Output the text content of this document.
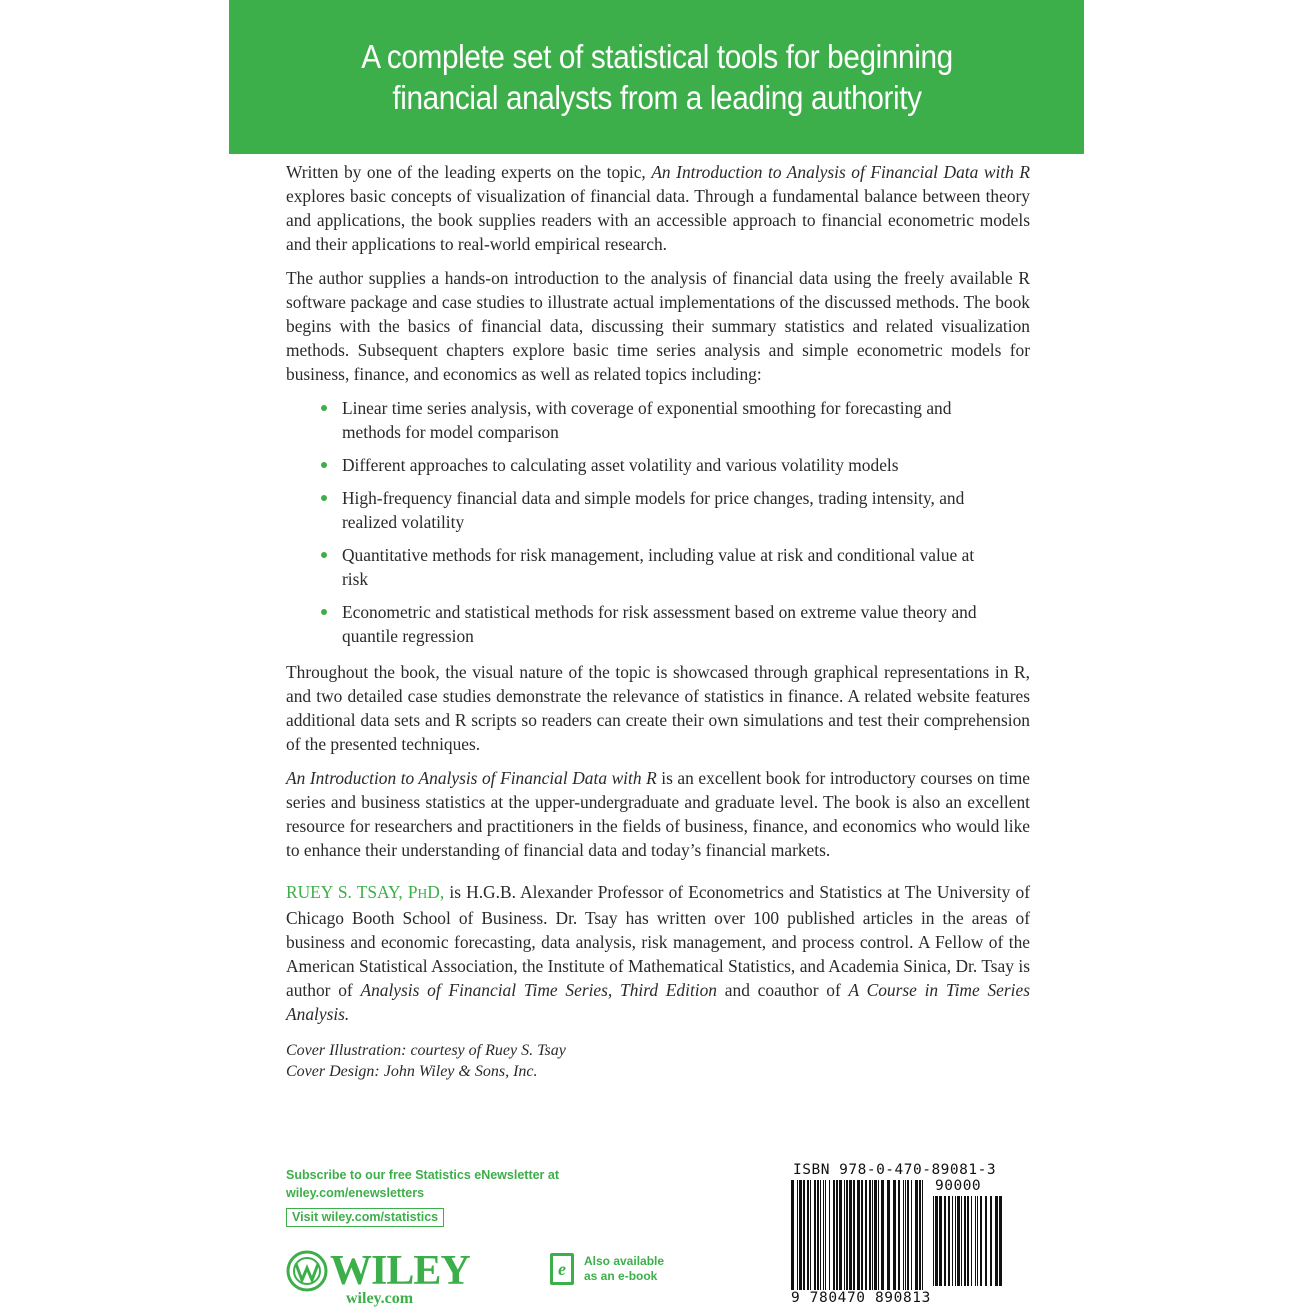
A complete set of statistical tools for beginning financial analysts from a leading authority

Written by one of the leading experts on the topic, An Introduction to Analysis of Financial Data with R explores basic concepts of visualization of financial data. Through a fundamental balance between theory and applications, the book supplies readers with an accessible approach to financial econometric models and their applications to real-world empirical research.

The author supplies a hands-on introduction to the analysis of financial data using the freely available R software package and case studies to illustrate actual implementations of the discussed methods. The book begins with the basics of financial data, discussing their summary statistics and related visualization methods. Subsequent chapters explore basic time series analysis and simple econometric models for business, finance, and economics as well as related topics including:

Linear time series analysis, with coverage of exponential smoothing for forecasting and methods for model comparison
Different approaches to calculating asset volatility and various volatility models
High-frequency financial data and simple models for price changes, trading intensity, and realized volatility
Quantitative methods for risk management, including value at risk and conditional value at risk
Econometric and statistical methods for risk assessment based on extreme value theory and quantile regression

Throughout the book, the visual nature of the topic is showcased through graphical representations in R, and two detailed case studies demonstrate the relevance of statistics in finance. A related website features additional data sets and R scripts so readers can create their own simulations and test their comprehension of the presented techniques.

An Introduction to Analysis of Financial Data with R is an excellent book for introductory courses on time series and business statistics at the upper-undergraduate and graduate level. The book is also an excellent resource for researchers and practitioners in the fields of business, finance, and economics who would like to enhance their understanding of financial data and today’s financial markets.

RUEY S. TSAY, PHD, is H.G.B. Alexander Professor of Econometrics and Statistics at The University of Chicago Booth School of Business. Dr. Tsay has written over 100 published articles in the areas of business and economic forecasting, data analysis, risk management, and process control. A Fellow of the American Statistical Association, the Institute of Mathematical Statistics, and Academia Sinica, Dr. Tsay is author of Analysis of Financial Time Series, Third Edition and coauthor of A Course in Time Series Analysis.

Cover Illustration: courtesy of Ruey S. Tsay
Cover Design: John Wiley & Sons, Inc.
Subscribe to our free Statistics eNewsletter at
wiley.com/enewsletters
Visit wiley.com/statistics
WILEY
wiley.com
e Also available
as an e-book
ISBN 978-0-470-89081-3
90000
9 780470 890813
